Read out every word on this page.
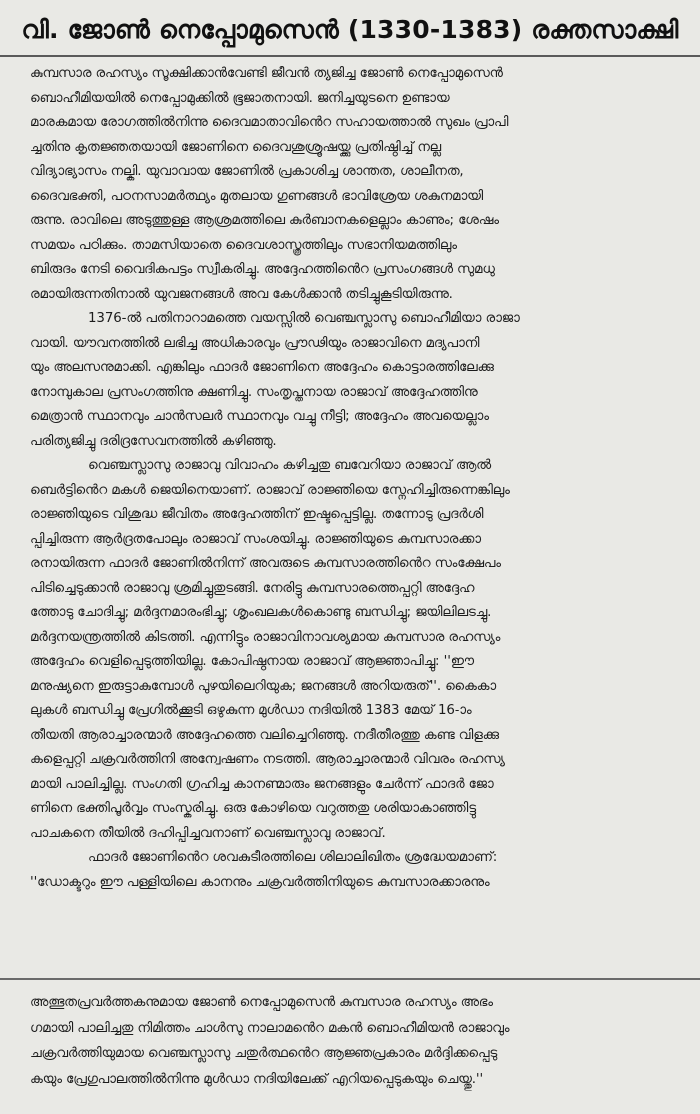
വി. ജോൺ നെപ്പോമുസെൻ (1330-1383) രക്തസാക്ഷി
കുമ്പസാര രഹസ്യം സൂക്ഷിക്കാൻവേണ്ടി ജീവൻ ത്യജിച്ച ജോൺ നെപ്പോമുസെൻ
ബൊഹീമിയയിൽ നെപ്പോമുക്കിൽ ഭൂജാതനായി. ജനിച്ചയുടനെ ഉണ്ടായ
മാരകമായ രോഗത്തിൽനിന്നു ദൈവമാതാവിൻെറ സഹായത്താൽ സുഖം പ്രാപി
ച്ചതിനു കൃതജ്ഞതയായി ജോണിനെ ദൈവശുശ്രൂഷയ്ക്കു പ്രതിഷ്ഠിച്ച് നല്ല
വിദ്യാഭ്യാസം നല്കി. യുവാവായ ജോണിൽ പ്രകാശിച്ച ശാന്തത, ശാലീനത,
ദൈവഭക്തി, പഠനസാമർത്ഥ്യം മുതലായ ഗുണങ്ങൾ ഭാവിശ്രേയ ശകുനമായി
രുന്നു. രാവിലെ അടുത്തുള്ള ആശ്രമത്തിലെ കുർബാനകളെല്ലാം കാണും; ശേഷം
സമയം പഠിക്കും. താമസിയാതെ ദൈവശാസ്ത്രത്തിലും സഭാനിയമത്തിലും
ബിരുദം നേടി വൈദികപട്ടം സ്വീകരിച്ചു. അദ്ദേഹത്തിൻെറ പ്രസംഗങ്ങൾ സുമധു
രമായിരുന്നതിനാൽ യുവജനങ്ങൾ അവ കേൾക്കാൻ തടിച്ചുകൂടിയിരുന്നു.
1376-ൽ പതിനാറാമത്തെ വയസ്സിൽ വെഞ്ചസ്ലാസു ബൊഹീമിയാ രാജാ
വായി. യൗവനത്തിൽ ലഭിച്ച അധികാരവും പ്രൗഢിയും രാജാവിനെ മദ്യപാനി
യും അലസനുമാക്കി. എങ്കിലും ഫാദർ ജോണിനെ അദ്ദേഹം കൊട്ടാരത്തിലേക്കു
നോമ്പുകാല പ്രസംഗത്തിനു ക്ഷണിച്ചു. സംതൃപ്തനായ രാജാവ് അദ്ദേഹത്തിനു
മെത്രാൻ സ്ഥാനവും ചാൻസലർ സ്ഥാനവും വച്ചു നീട്ടി; അദ്ദേഹം അവയെല്ലാം
പരിത്യജിച്ചു ദരിദ്രസേവനത്തിൽ കഴിഞ്ഞു.
വെഞ്ചസ്ലാസു രാജാവു വിവാഹം കഴിച്ചതു ബവേറിയാ രാജാവ് ആൽ
ബെർട്ടിൻെറ മകൾ ജെയിനെയാണ്. രാജാവ് രാജ്ഞിയെ സ്നേഹിച്ചിരുന്നെങ്കിലും
രാജ്ഞിയുടെ വിശുദ്ധ ജീവിതം അദ്ദേഹത്തിന് ഇഷ്ടപ്പെട്ടില്ല. തന്നോടു പ്രദർശി
പ്പിച്ചിരുന്ന ആർദ്രതപോലും രാജാവ് സംശയിച്ചു. രാജ്ഞിയുടെ കുമ്പസാരക്കാ
രനായിരുന്ന ഫാദർ ജോണിൽനിന്ന് അവരുടെ കുമ്പസാരത്തിൻെറ സംക്ഷേപം
പിടിച്ചെടുക്കാൻ രാജാവു ശ്രമിച്ചുതുടങ്ങി. നേരിട്ടു കുമ്പസാരത്തെപ്പറ്റി അദ്ദേഹ
ത്തോടു ചോദിച്ചു; മർദ്ദനമാരംഭിച്ചു; ശൃംഖലകൾകൊണ്ടു ബന്ധിച്ചു; ജയിലിലടച്ചു.
മർദ്ദനയന്ത്രത്തിൽ കിടത്തി. എന്നിട്ടും രാജാവിനാവശ്യമായ കുമ്പസാര രഹസ്യം
അദ്ദേഹം വെളിപ്പെടുത്തിയില്ല. കോപിഷ്ഠനായ രാജാവ് ആജ്ഞാപിച്ചു: ''ഈ
മനുഷ്യനെ ഇരുട്ടാകുമ്പോൾ പുഴയിലെറിയുക; ജനങ്ങൾ അറിയരുത്''. കൈകാ
ലുകൾ ബന്ധിച്ചു പ്രേഗിൽക്കൂടി ഒഴുകുന്ന മുൾഡാ നദിയിൽ 1383 മേയ് 16-ാം
തീയതി ആരാച്ചാരന്മാർ അദ്ദേഹത്തെ വലിച്ചെറിഞ്ഞു. നദീതീരത്തു കണ്ട വിളക്കു
കളെപ്പറ്റി ചക്രവർത്തിനി അന്വേഷണം നടത്തി. ആരാച്ചാരന്മാർ വിവരം രഹസ്യ
മായി പാലിച്ചില്ല. സംഗതി ഗ്രഹിച്ച കാനണ്മാരും ജനങ്ങളും ചേർന്ന് ഫാദർ ജോ
ണിനെ ഭക്തിപൂർവ്വം സംസ്കരിച്ചു. ഒരു കോഴിയെ വറുത്തതു ശരിയാകാഞ്ഞിട്ടു
പാചകനെ തീയിൽ ദഹിപ്പിച്ചവനാണ് വെഞ്ചസ്ലാവു രാജാവ്.
ഫാദർ ജോണിൻെറ ശവകുടീരത്തിലെ ശിലാലിഖിതം ശ്രദ്ധേയമാണ്:
''ഡോക്ടറും ഈ പള്ളിയിലെ കാനനും ചക്രവർത്തിനിയുടെ കുമ്പസാരക്കാരനും
അത്ഭുതപ്രവർത്തകനുമായ ജോൺ നെപ്പോമുസെൻ കുമ്പസാര രഹസ്യം അഭം
ഗമായി പാലിച്ചതു നിമിത്തം ചാൾസു നാലാമൻെറ മകൻ ബൊഹീമിയൻ രാജാവും
ചക്രവർത്തിയുമായ വെഞ്ചസ്ലാസു ചതുർത്ഥൻെറ ആജ്ഞപ്രകാരം മർദ്ദിക്കപ്പെടു
കയും പ്രേഗുപാലത്തിൽനിന്നു മുൾഡാ നദിയിലേക്ക് എറിയപ്പെടുകയും ചെയ്തു.''
